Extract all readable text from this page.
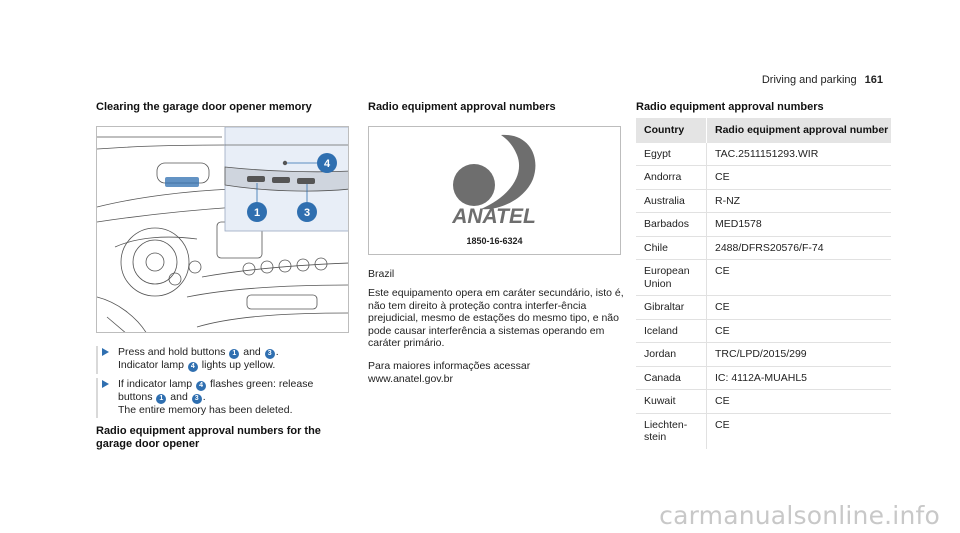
Driving and parking 161
Clearing the garage door opener memory
4
1	3
Press and hold buttons 1 and 3 .
Indicator lamp 4 lights up yellow.
If indicator lamp 4 flashes green: release buttons 1 and 3 .
The entire memory has been deleted.
Radio equipment approval numbers for the garage door opener
Radio equipment approval numbers
ANATEL
1850-16-6324
Brazil
Este equipamento opera em caráter secundário, isto é, não tem direito à proteção contra interfer-ência prejudicial, mesmo de estações do mesmo tipo, e não pode causar interferência a sistemas operando em caráter primário.
Para maiores informações acessar www.anatel.gov.br
Radio equipment approval numbers
Country	Radio equipment approval number
Egypt	TAC.2511151293.WIR
Andorra	CE
Australia	R-NZ
Barbados	MED1578
Chile	2488/DFRS20576/F-74
European Union	CE
Gibraltar	CE
Iceland	CE
Jordan	TRC/LPD/2015/299
Canada	IC: 4112A-MUAHL5
Kuwait	CE
Liechten-stein	CE
carmanualsonline.info
